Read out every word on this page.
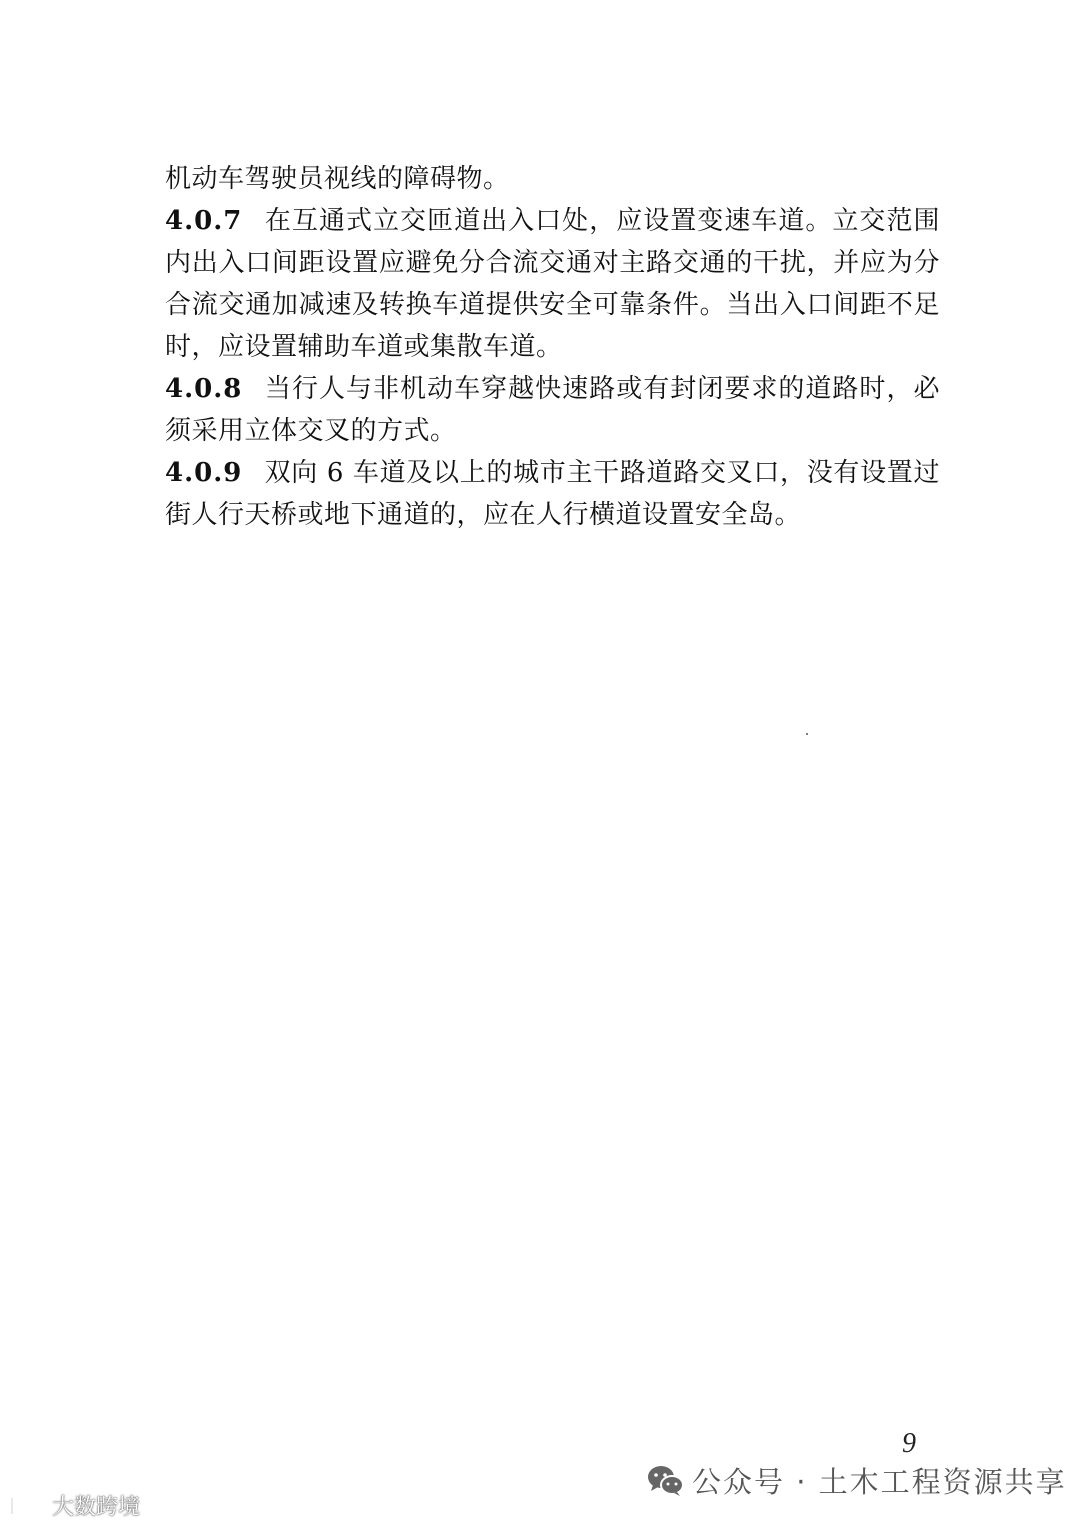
机动车驾驶员视线的障碍物。

4.0.7 在互通式立交匝道出入口处，应设置变速车道。立交范围内出入口间距设置应避免分合流交通对主路交通的干扰，并应为分合流交通加减速及转换车道提供安全可靠条件。当出入口间距不足时，应设置辅助车道或集散车道。

4.0.8 当行人与非机动车穿越快速路或有封闭要求的道路时，必须采用立体交叉的方式。

4.0.9 双向 6 车道及以上的城市主干路道路交叉口，没有设置过街人行天桥或地下通道的，应在人行横道设置安全岛。

9
大数跨境
公众号 · 土木工程资源共享
